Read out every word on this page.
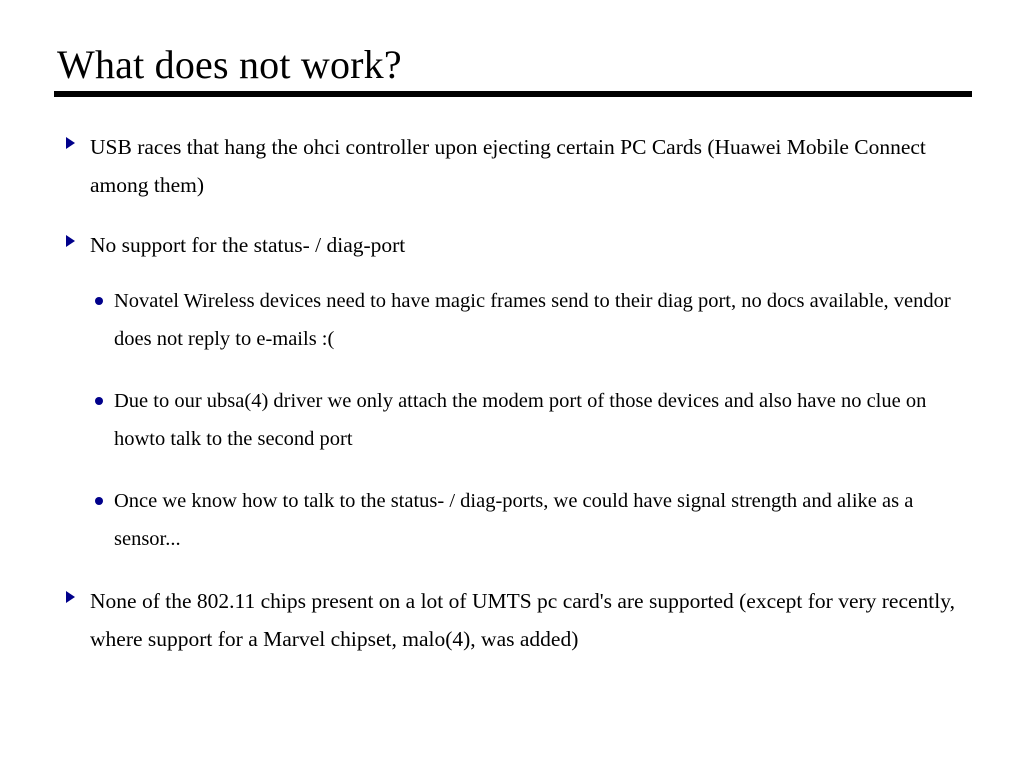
What does not work?
USB races that hang the ohci controller upon ejecting certain PC Cards (Huawei Mobile Connect among them)
No support for the status- / diag-port
Novatel Wireless devices need to have magic frames send to their diag port, no docs available, vendor does not reply to e-mails :(
Due to our ubsa(4) driver we only attach the modem port of those devices and also have no clue on howto talk to the second port
Once we know how to talk to the status- / diag-ports, we could have signal strength and alike as a sensor...
None of the 802.11 chips present on a lot of UMTS pc card's are supported (except for very recently, where support for a Marvel chipset, malo(4), was added)
